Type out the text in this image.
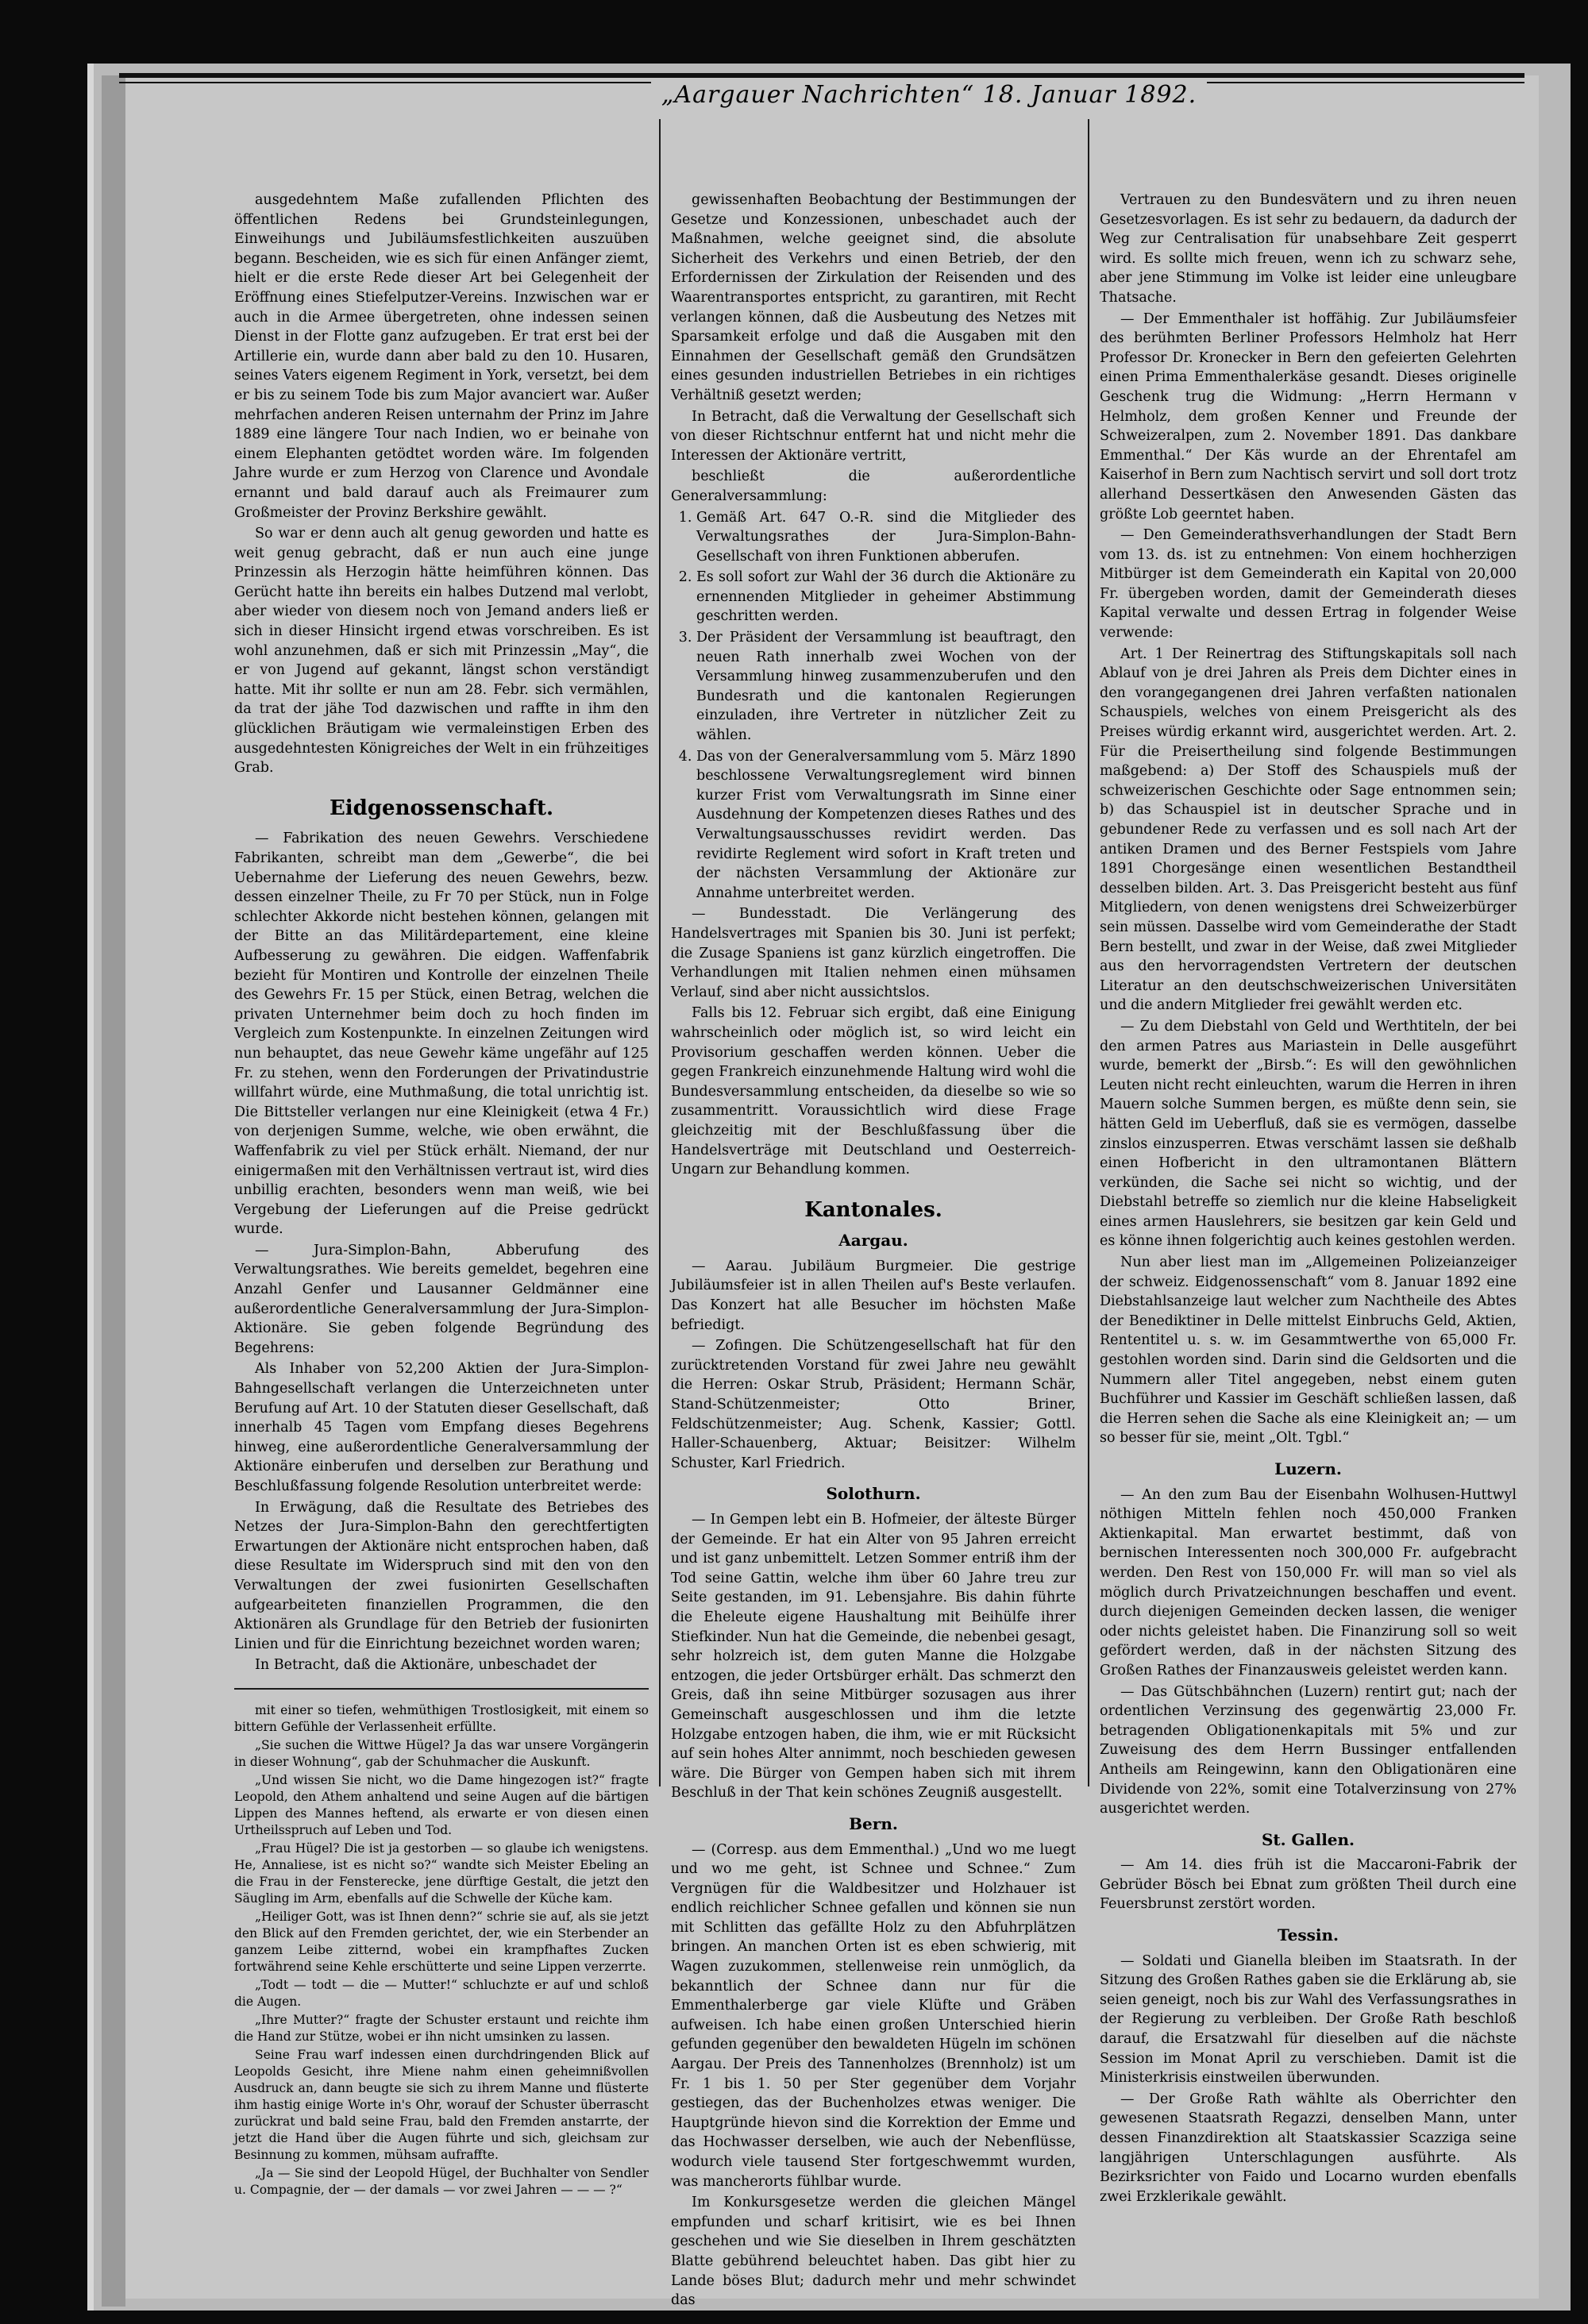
„Aargauer Nachrichten“ 18. Januar 1892.

ausgedehntem Maße zufallenden Pflichten des öffentlichen Redens bei Grundsteinlegungen, Einweihungs und Jubiläumsfestlichkeiten auszuüben begann. Bescheiden, wie es sich für einen Anfänger ziemt, hielt er die erste Rede dieser Art bei Gelegenheit der Eröffnung eines Stiefelputzer-Vereins. Inzwischen war er auch in die Armee übergetreten, ohne indessen seinen Dienst in der Flotte ganz aufzugeben. Er trat erst bei der Artillerie ein, wurde dann aber bald zu den 10. Husaren, seines Vaters eigenem Regiment in York, versetzt, bei dem er bis zu seinem Tode bis zum Major avanciert war. Außer mehrfachen anderen Reisen unternahm der Prinz im Jahre 1889 eine längere Tour nach Indien, wo er beinahe von einem Elephanten getödtet worden wäre. Im folgenden Jahre wurde er zum Herzog von Clarence und Avondale ernannt und bald darauf auch als Freimaurer zum Großmeister der Provinz Berkshire gewählt.

So war er denn auch alt genug geworden und hatte es weit genug gebracht, daß er nun auch eine junge Prinzessin als Herzogin hätte heimführen können. Das Gerücht hatte ihn bereits ein halbes Dutzend mal verlobt, aber wieder von diesem noch von Jemand anders ließ er sich in dieser Hinsicht irgend etwas vorschreiben. Es ist wohl anzunehmen, daß er sich mit Prinzessin „May“, die er von Jugend auf gekannt, längst schon verständigt hatte. Mit ihr sollte er nun am 28. Febr. sich vermählen, da trat der jähe Tod dazwischen und raffte in ihm den glücklichen Bräutigam wie vermaleinstigen Erben des ausgedehntesten Königreiches der Welt in ein frühzeitiges Grab.

Eidgenossenschaft.

— Fabrikation des neuen Gewehrs. Verschiedene Fabrikanten, schreibt man dem „Gewerbe“, die bei Uebernahme der Lieferung des neuen Gewehrs, bezw. dessen einzelner Theile, zu Fr 70 per Stück, nun in Folge schlechter Akkorde nicht bestehen können, gelangen mit der Bitte an das Militärdepartement, eine kleine Aufbesserung zu gewähren. Die eidgen. Waffenfabrik bezieht für Montiren und Kontrolle der einzelnen Theile des Gewehrs Fr. 15 per Stück, einen Betrag, welchen die privaten Unternehmer beim doch zu hoch finden im Vergleich zum Kostenpunkte. In einzelnen Zeitungen wird nun behauptet, das neue Gewehr käme ungefähr auf 125 Fr. zu stehen, wenn den Forderungen der Privatindustrie willfahrt würde, eine Muthmaßung, die total unrichtig ist. Die Bittsteller verlangen nur eine Kleinigkeit (etwa 4 Fr.) von derjenigen Summe, welche, wie oben erwähnt, die Waffenfabrik zu viel per Stück erhält. Niemand, der nur einigermaßen mit den Verhältnissen vertraut ist, wird dies unbillig erachten, besonders wenn man weiß, wie bei Vergebung der Lieferungen auf die Preise gedrückt wurde.

— Jura-Simplon-Bahn, Abberufung des Verwaltungsrathes. Wie bereits gemeldet, begehren eine Anzahl Genfer und Lausanner Geldmänner eine außerordentliche Generalversammlung der Jura-Simplon-Aktionäre. Sie geben folgende Begründung des Begehrens:

Als Inhaber von 52,200 Aktien der Jura-Simplon-Bahngesellschaft verlangen die Unterzeichneten unter Berufung auf Art. 10 der Statuten dieser Gesellschaft, daß innerhalb 45 Tagen vom Empfang dieses Begehrens hinweg, eine außerordentliche Generalversammlung der Aktionäre einberufen und derselben zur Berathung und Beschlußfassung folgende Resolution unterbreitet werde:

In Erwägung, daß die Resultate des Betriebes des Netzes der Jura-Simplon-Bahn den gerechtfertigten Erwartungen der Aktionäre nicht entsprochen haben, daß diese Resultate im Widerspruch sind mit den von den Verwaltungen der zwei fusionirten Gesellschaften aufgearbeiteten finanziellen Programmen, die den Aktionären als Grundlage für den Betrieb der fusionirten Linien und für die Einrichtung bezeichnet worden waren;

In Betracht, daß die Aktionäre, unbeschadet der

mit einer so tiefen, wehmüthigen Trostlosigkeit, mit einem so bittern Gefühle der Verlassenheit erfüllte.

„Sie suchen die Wittwe Hügel? Ja das war unsere Vorgängerin in dieser Wohnung“, gab der Schuhmacher die Auskunft.

„Und wissen Sie nicht, wo die Dame hingezogen ist?“ fragte Leopold, den Athem anhaltend und seine Augen auf die bärtigen Lippen des Mannes heftend, als erwarte er von diesen einen Urtheilsspruch auf Leben und Tod.

„Frau Hügel? Die ist ja gestorben — so glaube ich wenigstens. He, Annaliese, ist es nicht so?“ wandte sich Meister Ebeling an die Frau in der Fensterecke, jene dürftige Gestalt, die jetzt den Säugling im Arm, ebenfalls auf die Schwelle der Küche kam.

„Heiliger Gott, was ist Ihnen denn?“ schrie sie auf, als sie jetzt den Blick auf den Fremden gerichtet, der, wie ein Sterbender an ganzem Leibe zitternd, wobei ein krampfhaftes Zucken fortwährend seine Kehle erschütterte und seine Lippen verzerrte.

„Todt — todt — die — Mutter!“ schluchzte er auf und schloß die Augen.

„Ihre Mutter?“ fragte der Schuster erstaunt und reichte ihm die Hand zur Stütze, wobei er ihn nicht umsinken zu lassen.

Seine Frau warf indessen einen durchdringenden Blick auf Leopolds Gesicht, ihre Miene nahm einen geheimnißvollen Ausdruck an, dann beugte sie sich zu ihrem Manne und flüsterte ihm hastig einige Worte in's Ohr, worauf der Schuster überrascht zurückrat und bald seine Frau, bald den Fremden anstarrte, der jetzt die Hand über die Augen führte und sich, gleichsam zur Besinnung zu kommen, mühsam aufraffte.

„Ja — Sie sind der Leopold Hügel, der Buchhalter von Sendler u. Compagnie, der — der damals — vor zwei Jahren — — — ?“

gewissenhaften Beobachtung der Bestimmungen der Gesetze und Konzessionen, unbeschadet auch der Maßnahmen, welche geeignet sind, die absolute Sicherheit des Verkehrs und einen Betrieb, der den Erfordernissen der Zirkulation der Reisenden und des Waarentransportes entspricht, zu garantiren, mit Recht verlangen können, daß die Ausbeutung des Netzes mit Sparsamkeit erfolge und daß die Ausgaben mit den Einnahmen der Gesellschaft gemäß den Grundsätzen eines gesunden industriellen Betriebes in ein richtiges Verhältniß gesetzt werden;

In Betracht, daß die Verwaltung der Gesellschaft sich von dieser Richtschnur entfernt hat und nicht mehr die Interessen der Aktionäre vertritt,

beschließt die außerordentliche Generalversammlung:

1. Gemäß Art. 647 O.-R. sind die Mitglieder des Verwaltungsrathes der Jura-Simplon-Bahn-Gesellschaft von ihren Funktionen abberufen.
2. Es soll sofort zur Wahl der 36 durch die Aktionäre zu ernennenden Mitglieder in geheimer Abstimmung geschritten werden.
3. Der Präsident der Versammlung ist beauftragt, den neuen Rath innerhalb zwei Wochen von der Versammlung hinweg zusammenzuberufen und den Bundesrath und die kantonalen Regierungen einzuladen, ihre Vertreter in nützlicher Zeit zu wählen.
4. Das von der Generalversammlung vom 5. März 1890 beschlossene Verwaltungsreglement wird binnen kurzer Frist vom Verwaltungsrath im Sinne einer Ausdehnung der Kompetenzen dieses Rathes und des Verwaltungsausschusses revidirt werden. Das revidirte Reglement wird sofort in Kraft treten und der nächsten Versammlung der Aktionäre zur Annahme unterbreitet werden.

— Bundesstadt. Die Verlängerung des Handelsvertrages mit Spanien bis 30. Juni ist perfekt; die Zusage Spaniens ist ganz kürzlich eingetroffen. Die Verhandlungen mit Italien nehmen einen mühsamen Verlauf, sind aber nicht aussichtslos.

Falls bis 12. Februar sich ergibt, daß eine Einigung wahrscheinlich oder möglich ist, so wird leicht ein Provisorium geschaffen werden können. Ueber die gegen Frankreich einzunehmende Haltung wird wohl die Bundesversammlung entscheiden, da dieselbe so wie so zusammentritt. Voraussichtlich wird diese Frage gleichzeitig mit der Beschlußfassung über die Handelsverträge mit Deutschland und Oesterreich-Ungarn zur Behandlung kommen.

Kantonales.
Aargau.

— Aarau. Jubiläum Burgmeier. Die gestrige Jubiläumsfeier ist in allen Theilen auf's Beste verlaufen. Das Konzert hat alle Besucher im höchsten Maße befriedigt.

— Zofingen. Die Schützengesellschaft hat für den zurücktretenden Vorstand für zwei Jahre neu gewählt die Herren: Oskar Strub, Präsident; Hermann Schär, Stand-Schützenmeister; Otto Briner, Feldschützenmeister; Aug. Schenk, Kassier; Gottl. Haller-Schauenberg, Aktuar; Beisitzer: Wilhelm Schuster, Karl Friedrich.

Solothurn.

— In Gempen lebt ein B. Hofmeier, der älteste Bürger der Gemeinde. Er hat ein Alter von 95 Jahren erreicht und ist ganz unbemittelt. Letzen Sommer entriß ihm der Tod seine Gattin, welche ihm über 60 Jahre treu zur Seite gestanden, im 91. Lebensjahre. Bis dahin führte die Eheleute eigene Haushaltung mit Beihülfe ihrer Stiefkinder. Nun hat die Gemeinde, die nebenbei gesagt, sehr holzreich ist, dem guten Manne die Holzgabe entzogen, die jeder Ortsbürger erhält. Das schmerzt den Greis, daß ihn seine Mitbürger sozusagen aus ihrer Gemeinschaft ausgeschlossen und ihm die letzte Holzgabe entzogen haben, die ihm, wie er mit Rücksicht auf sein hohes Alter annimmt, noch beschieden gewesen wäre. Die Bürger von Gempen haben sich mit ihrem Beschluß in der That kein schönes Zeugniß ausgestellt.

Bern.

— (Corresp. aus dem Emmenthal.) „Und wo me luegt und wo me geht, ist Schnee und Schnee.“ Zum Vergnügen für die Waldbesitzer und Holzhauer ist endlich reichlicher Schnee gefallen und können sie nun mit Schlitten das gefällte Holz zu den Abfuhrplätzen bringen. An manchen Orten ist es eben schwierig, mit Wagen zuzukommen, stellenweise rein unmöglich, da bekanntlich der Schnee dann nur für die Emmenthalerberge gar viele Klüfte und Gräben aufweisen. Ich habe einen großen Unterschied hierin gefunden gegenüber den bewaldeten Hügeln im schönen Aargau. Der Preis des Tannenholzes (Brennholz) ist um Fr. 1 bis 1. 50 per Ster gegenüber dem Vorjahr gestiegen, das der Buchenholzes etwas weniger. Die Hauptgründe hievon sind die Korrektion der Emme und das Hochwasser derselben, wie auch der Nebenflüsse, wodurch viele tausend Ster fortgeschwemmt wurden, was mancherorts fühlbar wurde.

Im Konkursgesetze werden die gleichen Mängel empfunden und scharf kritisirt, wie es bei Ihnen geschehen und wie Sie dieselben in Ihrem geschätzten Blatte gebührend beleuchtet haben. Das gibt hier zu Lande böses Blut; dadurch mehr und mehr schwindet das

Vertrauen zu den Bundesvätern und zu ihren neuen Gesetzesvorlagen. Es ist sehr zu bedauern, da dadurch der Weg zur Centralisation für unabsehbare Zeit gesperrt wird. Es sollte mich freuen, wenn ich zu schwarz sehe, aber jene Stimmung im Volke ist leider eine unleugbare Thatsache.

— Der Emmenthaler ist hoffähig. Zur Jubiläumsfeier des berühmten Berliner Professors Helmholz hat Herr Professor Dr. Kronecker in Bern den gefeierten Gelehrten einen Prima Emmenthalerkäse gesandt. Dieses originelle Geschenk trug die Widmung: „Herrn Hermann v Helmholz, dem großen Kenner und Freunde der Schweizeralpen, zum 2. November 1891. Das dankbare Emmenthal.“ Der Käs wurde an der Ehrentafel am Kaiserhof in Bern zum Nachtisch servirt und soll dort trotz allerhand Dessertkäsen den Anwesenden Gästen das größte Lob geerntet haben.

— Den Gemeinderathsverhandlungen der Stadt Bern vom 13. ds. ist zu entnehmen: Von einem hochherzigen Mitbürger ist dem Gemeinderath ein Kapital von 20,000 Fr. übergeben worden, damit der Gemeinderath dieses Kapital verwalte und dessen Ertrag in folgender Weise verwende:

Art. 1 Der Reinertrag des Stiftungskapitals soll nach Ablauf von je drei Jahren als Preis dem Dichter eines in den vorangegangenen drei Jahren verfaßten nationalen Schauspiels, welches von einem Preisgericht als des Preises würdig erkannt wird, ausgerichtet werden. Art. 2. Für die Preisertheilung sind folgende Bestimmungen maßgebend: a) Der Stoff des Schauspiels muß der schweizerischen Geschichte oder Sage entnommen sein; b) das Schauspiel ist in deutscher Sprache und in gebundener Rede zu verfassen und es soll nach Art der antiken Dramen und des Berner Festspiels vom Jahre 1891 Chorgesänge einen wesentlichen Bestandtheil desselben bilden. Art. 3. Das Preisgericht besteht aus fünf Mitgliedern, von denen wenigstens drei Schweizerbürger sein müssen. Dasselbe wird vom Gemeinderathe der Stadt Bern bestellt, und zwar in der Weise, daß zwei Mitglieder aus den hervorragendsten Vertretern der deutschen Literatur an den deutschschweizerischen Universitäten und die andern Mitglieder frei gewählt werden etc.

— Zu dem Diebstahl von Geld und Werthtiteln, der bei den armen Patres aus Mariastein in Delle ausgeführt wurde, bemerkt der „Birsb.“: Es will den gewöhnlichen Leuten nicht recht einleuchten, warum die Herren in ihren Mauern solche Summen bergen, es müßte denn sein, sie hätten Geld im Ueberfluß, daß sie es vermögen, dasselbe zinslos einzusperren. Etwas verschämt lassen sie deßhalb einen Hofbericht in den ultramontanen Blättern verkünden, die Sache sei nicht so wichtig, und der Diebstahl betreffe so ziemlich nur die kleine Habseligkeit eines armen Hauslehrers, sie besitzen gar kein Geld und es könne ihnen folgerichtig auch keines gestohlen werden.

Nun aber liest man im „Allgemeinen Polizeianzeiger der schweiz. Eidgenossenschaft“ vom 8. Januar 1892 eine Diebstahlsanzeige laut welcher zum Nachtheile des Abtes der Benediktiner in Delle mittelst Einbruchs Geld, Aktien, Rententitel u. s. w. im Gesammtwerthe von 65,000 Fr. gestohlen worden sind. Darin sind die Geldsorten und die Nummern aller Titel angegeben, nebst einem guten Buchführer und Kassier im Geschäft schließen lassen, daß die Herren sehen die Sache als eine Kleinigkeit an; — um so besser für sie, meint „Olt. Tgbl.“

Luzern.

— An den zum Bau der Eisenbahn Wolhusen-Huttwyl nöthigen Mitteln fehlen noch 450,000 Franken Aktienkapital. Man erwartet bestimmt, daß von bernischen Interessenten noch 300,000 Fr. aufgebracht werden. Den Rest von 150,000 Fr. will man so viel als möglich durch Privatzeichnungen beschaffen und event. durch diejenigen Gemeinden decken lassen, die weniger oder nichts geleistet haben. Die Finanzirung soll so weit gefördert werden, daß in der nächsten Sitzung des Großen Rathes der Finanzausweis geleistet werden kann.

— Das Gütschbähnchen (Luzern) rentirt gut; nach der ordentlichen Verzinsung des gegenwärtig 23,000 Fr. betragenden Obligationenkapitals mit 5% und zur Zuweisung des dem Herrn Bussinger entfallenden Antheils am Reingewinn, kann den Obligationären eine Dividende von 22%, somit eine Totalverzinsung von 27% ausgerichtet werden.

St. Gallen.

— Am 14. dies früh ist die Maccaroni-Fabrik der Gebrüder Bösch bei Ebnat zum größten Theil durch eine Feuersbrunst zerstört worden.

Tessin.

— Soldati und Gianella bleiben im Staatsrath. In der Sitzung des Großen Rathes gaben sie die Erklärung ab, sie seien geneigt, noch bis zur Wahl des Verfassungsrathes in der Regierung zu verbleiben. Der Große Rath beschloß darauf, die Ersatzwahl für dieselben auf die nächste Session im Monat April zu verschieben. Damit ist die Ministerkrisis einstweilen überwunden.

— Der Große Rath wählte als Oberrichter den gewesenen Staatsrath Regazzi, denselben Mann, unter dessen Finanzdirektion alt Staatskassier Scazziga seine langjährigen Unterschlagungen ausführte. Als Bezirksrichter von Faido und Locarno wurden ebenfalls zwei Erzklerikale gewählt.
